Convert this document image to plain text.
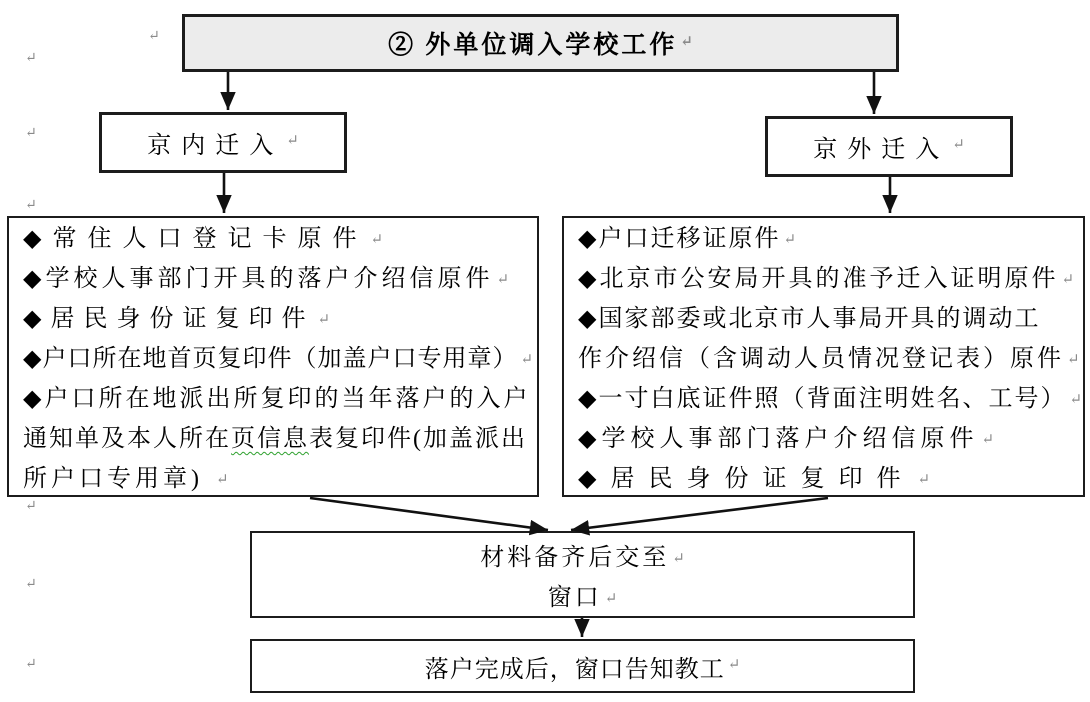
↵
↵
↵
↵
↵
↵
↵
② 外单位调入学校工作 ↵
京内迁入 ↵	京外迁入 ↵
◆常住人口登记卡原件 ↵
◆学校人事部门开具的落户介绍信原件 ↵
◆居民身份证复印件 ↵
◆户口所在地首页复印件（加盖户口专用章） ↵
◆户口所在地派出所复印的当年落户的入户
通知单及本人所在页信息表复印件(加盖派出
所户口专用章) ↵
◆户口迁移证原件 ↵
◆北京市公安局开具的准予迁入证明原件 ↵
◆国家部委或北京市人事局开具的调动工
作介绍信（含调动人员情况登记表）原件 ↵
◆一寸白底证件照（背面注明姓名、工号） ↵
◆学校人事部门落户介绍信原件 ↵
◆居民身份证复印件 ↵
材料备齐后交至 ↵
窗口 ↵
落户完成后，窗口告知教工 ↵
